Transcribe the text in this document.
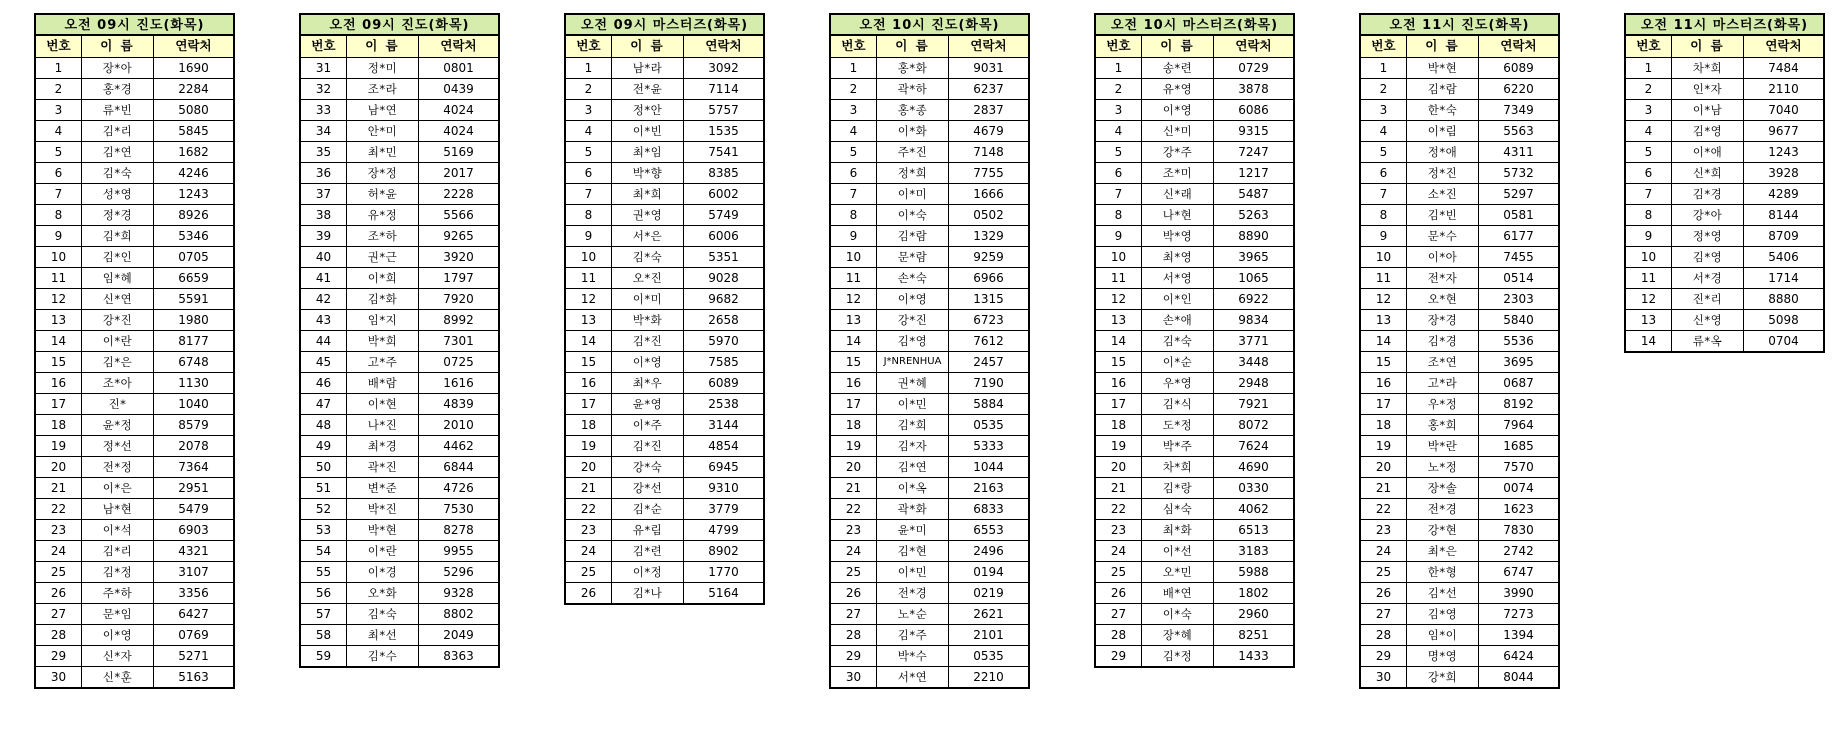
오전 09시 진도(화목)
번호	이 름	연락처
1	장*아	1690
2	홍*경	2284
3	류*빈	5080
4	김*리	5845
5	김*연	1682
6	김*숙	4246
7	성*영	1243
8	정*경	8926
9	김*희	5346
10	김*인	0705
11	임*혜	6659
12	신*연	5591
13	강*진	1980
14	이*란	8177
15	김*은	6748
16	조*아	1130
17	진*	1040
18	윤*정	8579
19	정*선	2078
20	전*정	7364
21	이*은	2951
22	남*현	5479
23	이*석	6903
24	김*리	4321
25	김*정	3107
26	주*하	3356
27	문*임	6427
28	이*영	0769
29	신*자	5271
30	신*훈	5163
오전 09시 진도(화목)
번호	이 름	연락처
31	정*미	0801
32	조*라	0439
33	남*연	4024
34	안*미	4024
35	최*민	5169
36	장*정	2017
37	허*윤	2228
38	유*정	5566
39	조*하	9265
40	권*근	3920
41	이*희	1797
42	김*화	7920
43	임*지	8992
44	박*희	7301
45	고*주	0725
46	배*람	1616
47	이*현	4839
48	나*진	2010
49	최*경	4462
50	곽*진	6844
51	변*준	4726
52	박*진	7530
53	박*현	8278
54	이*란	9955
55	이*경	5296
56	오*화	9328
57	김*숙	8802
58	최*선	2049
59	김*수	8363
오전 09시 마스터즈(화목)
번호	이 름	연락처
1	남*라	3092
2	전*윤	7114
3	정*안	5757
4	이*빈	1535
5	최*임	7541
6	박*향	8385
7	최*희	6002
8	권*영	5749
9	서*은	6006
10	김*숙	5351
11	오*진	9028
12	이*미	9682
13	박*화	2658
14	김*진	5970
15	이*영	7585
16	최*우	6089
17	윤*영	2538
18	이*주	3144
19	김*진	4854
20	강*숙	6945
21	강*선	9310
22	김*순	3779
23	유*림	4799
24	김*련	8902
25	이*정	1770
26	김*나	5164
오전 10시 진도(화목)
번호	이 름	연락처
1	홍*화	9031
2	곽*하	6237
3	홍*종	2837
4	이*화	4679
5	주*진	7148
6	정*희	7755
7	이*미	1666
8	이*숙	0502
9	김*람	1329
10	문*람	9259
11	손*숙	6966
12	이*영	1315
13	강*진	6723
14	김*영	7612
15	J*NRENHUA	2457
16	권*혜	7190
17	이*민	5884
18	김*희	0535
19	김*자	5333
20	김*연	1044
21	이*옥	2163
22	곽*화	6833
23	윤*미	6553
24	김*현	2496
25	이*민	0194
26	전*경	0219
27	노*순	2621
28	김*주	2101
29	박*수	0535
30	서*연	2210
오전 10시 마스터즈(화목)
번호	이 름	연락처
1	송*련	0729
2	유*영	3878
3	이*영	6086
4	신*미	9315
5	강*주	7247
6	조*미	1217
7	신*래	5487
8	나*현	5263
9	박*영	8890
10	최*영	3965
11	서*영	1065
12	이*인	6922
13	손*애	9834
14	김*숙	3771
15	이*순	3448
16	우*영	2948
17	김*식	7921
18	도*정	8072
19	박*주	7624
20	차*희	4690
21	김*랑	0330
22	심*숙	4062
23	최*화	6513
24	이*선	3183
25	오*민	5988
26	배*연	1802
27	이*숙	2960
28	장*혜	8251
29	김*정	1433
오전 11시 진도(화목)
번호	이 름	연락처
1	박*현	6089
2	김*람	6220
3	한*숙	7349
4	이*림	5563
5	정*애	4311
6	정*진	5732
7	소*진	5297
8	김*빈	0581
9	문*수	6177
10	이*아	7455
11	전*자	0514
12	오*현	2303
13	장*경	5840
14	김*경	5536
15	조*연	3695
16	고*라	0687
17	우*정	8192
18	홍*희	7964
19	박*란	1685
20	노*정	7570
21	장*솔	0074
22	전*경	1623
23	강*현	7830
24	최*은	2742
25	한*형	6747
26	김*선	3990
27	김*영	7273
28	임*이	1394
29	명*영	6424
30	강*희	8044
오전 11시 마스터즈(화목)
번호	이 름	연락처
1	차*희	7484
2	인*자	2110
3	이*남	7040
4	김*영	9677
5	이*애	1243
6	신*희	3928
7	김*경	4289
8	강*아	8144
9	정*영	8709
10	김*영	5406
11	서*경	1714
12	진*리	8880
13	신*영	5098
14	류*옥	0704
